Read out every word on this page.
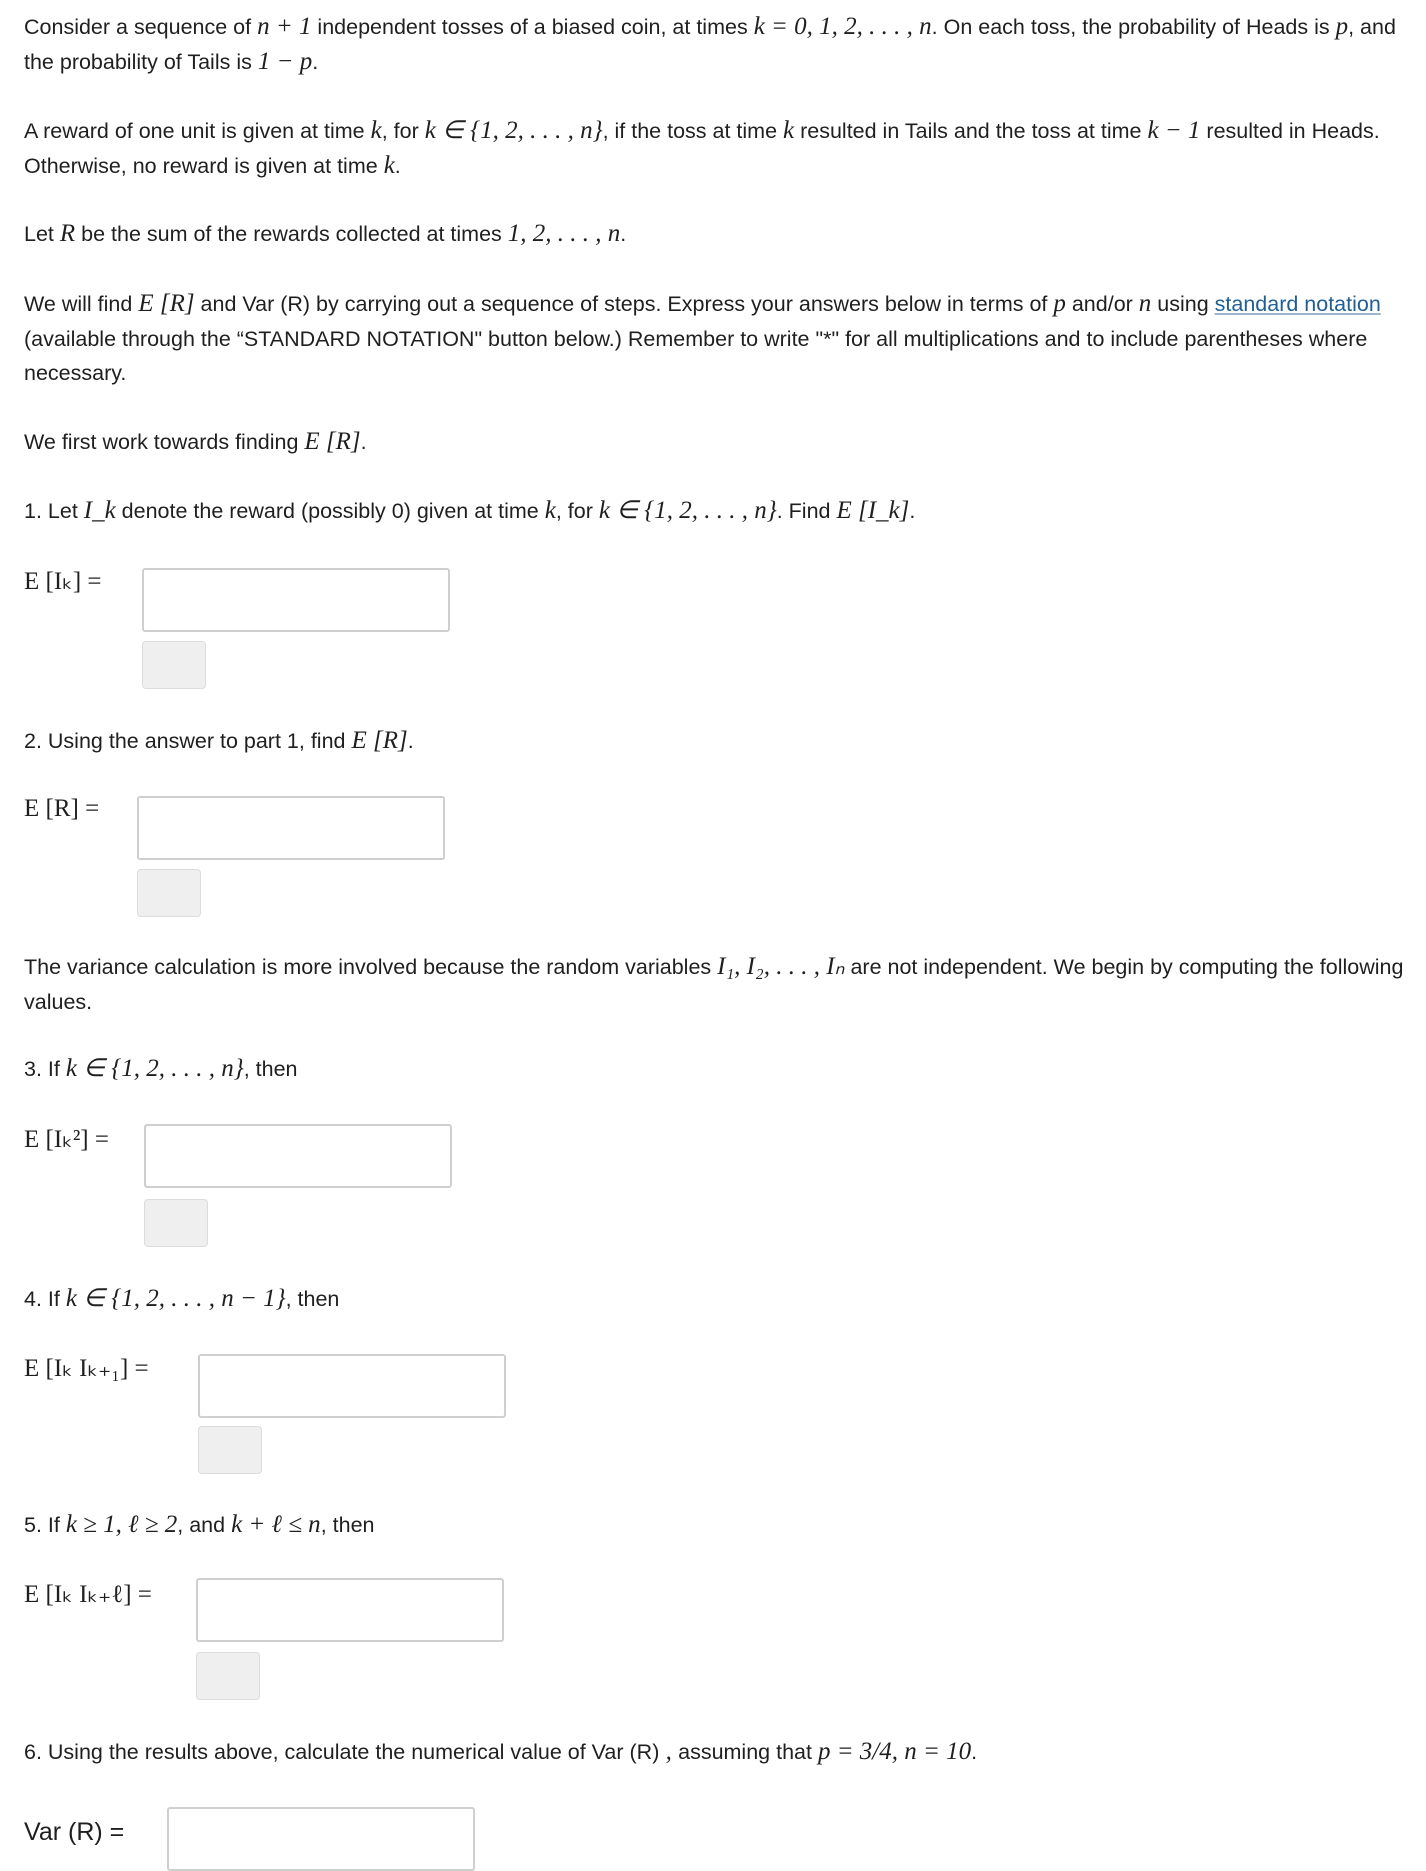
Consider a sequence of n + 1 independent tosses of a biased coin, at times k = 0, 1, 2, . . . , n. On each toss, the probability of Heads is p, and the probability of Tails is 1 − p.
A reward of one unit is given at time k, for k ∈ {1, 2, . . . , n}, if the toss at time k resulted in Tails and the toss at time k − 1 resulted in Heads. Otherwise, no reward is given at time k.
Let R be the sum of the rewards collected at times 1, 2, . . . , n.
We will find E [R] and Var (R) by carrying out a sequence of steps. Express your answers below in terms of p and/or n using standard notation (available through the “STANDARD NOTATION" button below.) Remember to write "*" for all multiplications and to include parentheses where necessary.
We first work towards finding E [R].
1. Let I_k denote the reward (possibly 0) given at time k, for k ∈ {1, 2, . . . , n}. Find E [I_k].
E [Iₖ] =
2. Using the answer to part 1, find E [R].
E [R] =
The variance calculation is more involved because the random variables I₁, I₂, . . . , Iₙ are not independent. We begin by computing the following values.
3. If k ∈ {1, 2, . . . , n}, then
E [Iₖ²] =
4. If k ∈ {1, 2, . . . , n − 1}, then
E [Iₖ Iₖ₊₁] =
5. If k ≥ 1, ℓ ≥ 2, and k + ℓ ≤ n, then
E [Iₖ Iₖ₊ℓ] =
6. Using the results above, calculate the numerical value of Var (R) , assuming that p = 3/4, n = 10.
Var (R) =
